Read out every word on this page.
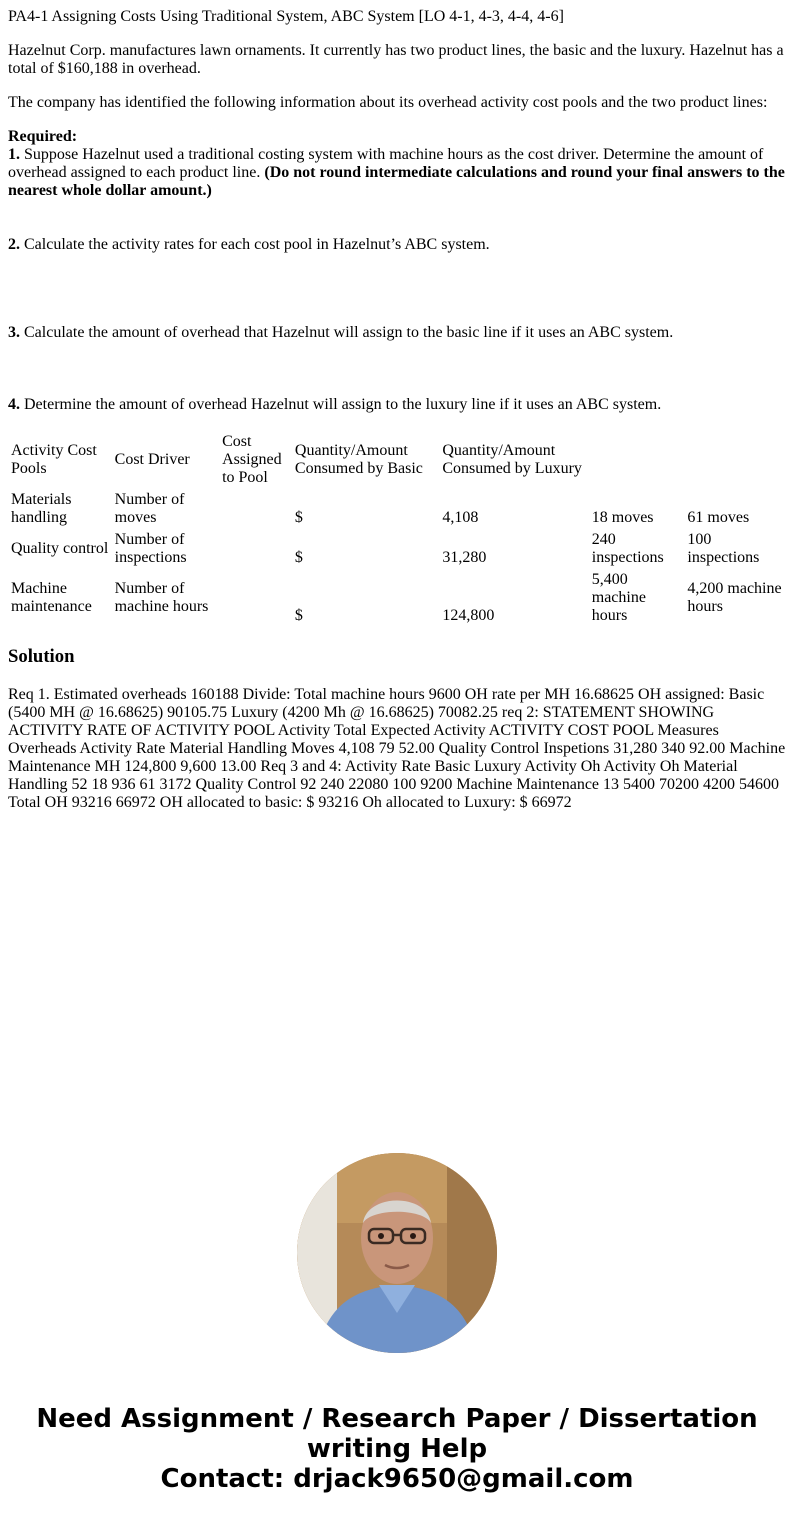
PA4-1 Assigning Costs Using Traditional System, ABC System [LO 4-1, 4-3, 4-4, 4-6]

Hazelnut Corp. manufactures lawn ornaments. It currently has two product lines, the basic and the luxury. Hazelnut has a total of $160,188 in overhead.

The company has identified the following information about its overhead activity cost pools and the two product lines:

Required:
1. Suppose Hazelnut used a traditional costing system with machine hours as the cost driver. Determine the amount of overhead assigned to each product line. (Do not round intermediate calculations and round your final answers to the nearest whole dollar amount.)

2. Calculate the activity rates for each cost pool in Hazelnut’s ABC system.

3. Calculate the amount of overhead that Hazelnut will assign to the basic line if it uses an ABC system.

4. Determine the amount of overhead Hazelnut will assign to the luxury line if it uses an ABC system.

Activity Cost Pools	Cost Driver	Cost Assigned to Pool	Quantity/Amount Consumed by Basic	Quantity/Amount Consumed by Luxury		
Materials handling	Number of moves		$	4,108	18 moves	61 moves
Quality control	Number of inspections		$	31,280	240 inspections	100 inspections
Machine maintenance	Number of machine hours		$	124,800	5,400 machine hours	4,200 machine hours
Solution

Req 1. Estimated overheads 160188 Divide: Total machine hours 9600 OH rate per MH 16.68625 OH assigned: Basic (5400 MH @ 16.68625) 90105.75 Luxury (4200 Mh @ 16.68625) 70082.25 req 2: STATEMENT SHOWING ACTIVITY RATE OF ACTIVITY POOL Activity Total Expected Activity ACTIVITY COST POOL Measures Overheads Activity Rate Material Handling Moves 4,108 79 52.00 Quality Control Inspetions 31,280 340 92.00 Machine Maintenance MH 124,800 9,600 13.00 Req 3 and 4: Activity Rate Basic Luxury Activity Oh Activity Oh Material Handling 52 18 936 61 3172 Quality Control 92 240 22080 100 9200 Machine Maintenance 13 5400 70200 4200 54600 Total OH 93216 66972 OH allocated to basic: $ 93216 Oh allocated to Luxury: $ 66972

Need Assignment / Research Paper / Dissertation writing Help
Contact: drjack9650@gmail.com
